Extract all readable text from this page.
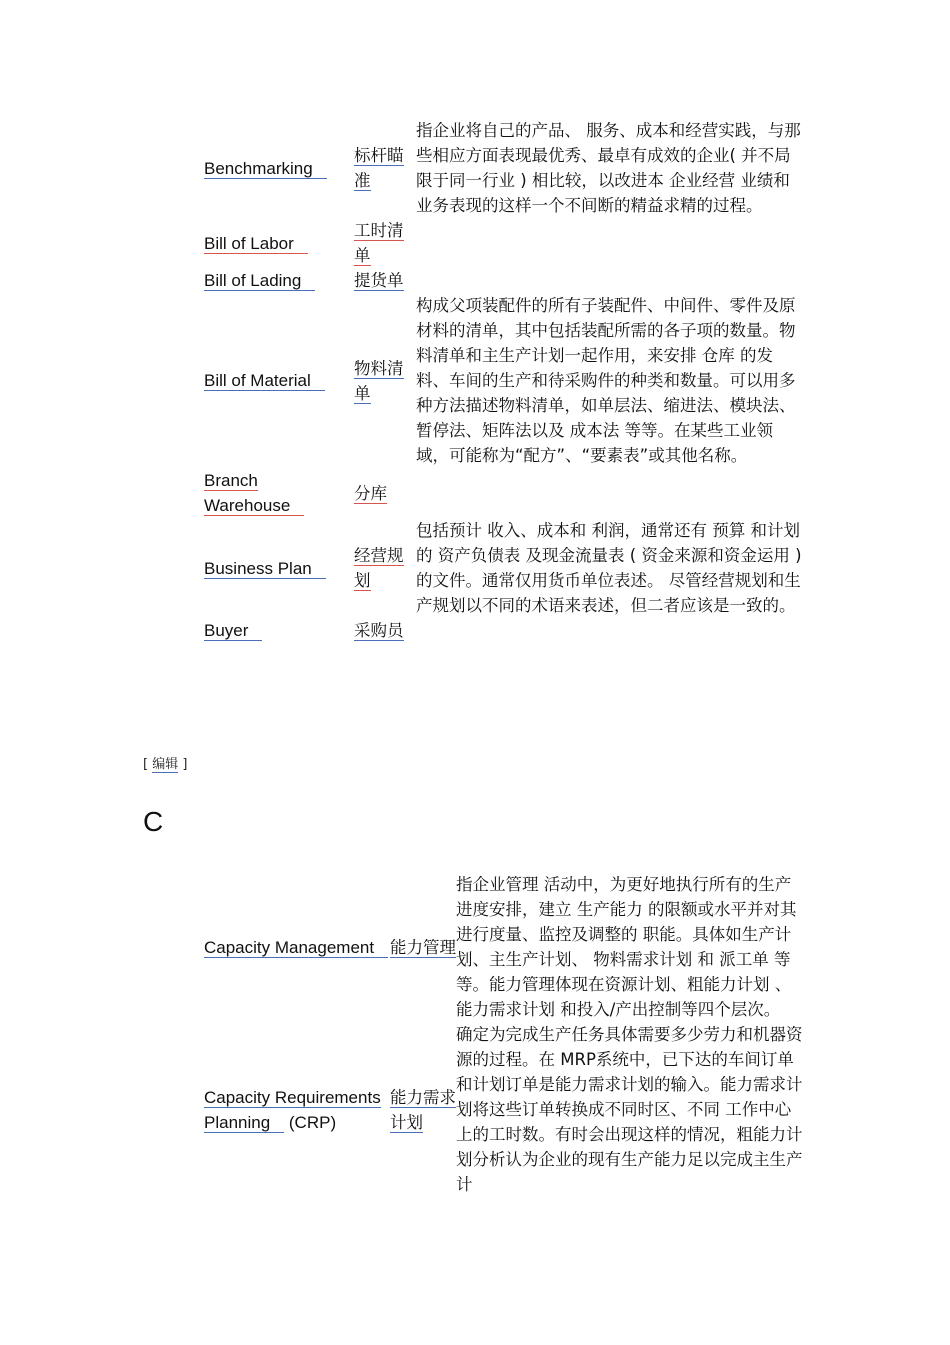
Benchmarking	标杆瞄准	指企业将自己的产品、 服务、成本和经营实践，与那些相应方面表现最优秀、最卓有成效的企业( 并不局限于同一行业 ) 相比较，以改进本 企业经营 业绩和业务表现的这样一个不间断的精益求精的过程。
Bill of Labor	工时清单	
Bill of Lading	提货单	
Bill of Material	物料清单	构成父项装配件的所有子装配件、中间件、零件及原材料的清单，其中包括装配所需的各子项的数量。物料清单和主生产计划一起作用，来安排 仓库 的发料、车间的生产和待采购件的种类和数量。可以用多种方法描述物料清单，如单层法、缩进法、模块法、暂停法、矩阵法以及 成本法 等等。在某些工业领域，可能称为“配方”、“要素表”或其他名称。
Branch Warehouse	分库	
Business Plan	经营规划	包括预计 收入、成本和 利润，通常还有 预算 和计划的 资产负债表 及现金流量表 ( 资金来源和资金运用 ) 的文件。通常仅用货币单位表述。 尽管经营规划和生产规划以不同的术语来表述，但二者应该是一致的。
Buyer	采购员	
[ 编辑 ]
C
Capacity Management	能力管理	指企业管理 活动中，为更好地执行所有的生产进度安排，建立 生产能力 的限额或水平并对其进行度量、监控及调整的 职能。具体如生产计划、主生产计划、 物料需求计划 和 派工单 等等。能力管理体现在资源计划、粗能力计划 、能力需求计划 和投入/产出控制等四个层次。
Capacity Requirements Planning (CRP)	能力需求计划	确定为完成生产任务具体需要多少劳力和机器资源的过程。在 MRP系统中，已下达的车间订单和计划订单是能力需求计划的输入。能力需求计划将这些订单转换成不同时区、不同 工作中心 上的工时数。有时会出现这样的情况，粗能力计划分析认为企业的现有生产能力足以完成主生产计
